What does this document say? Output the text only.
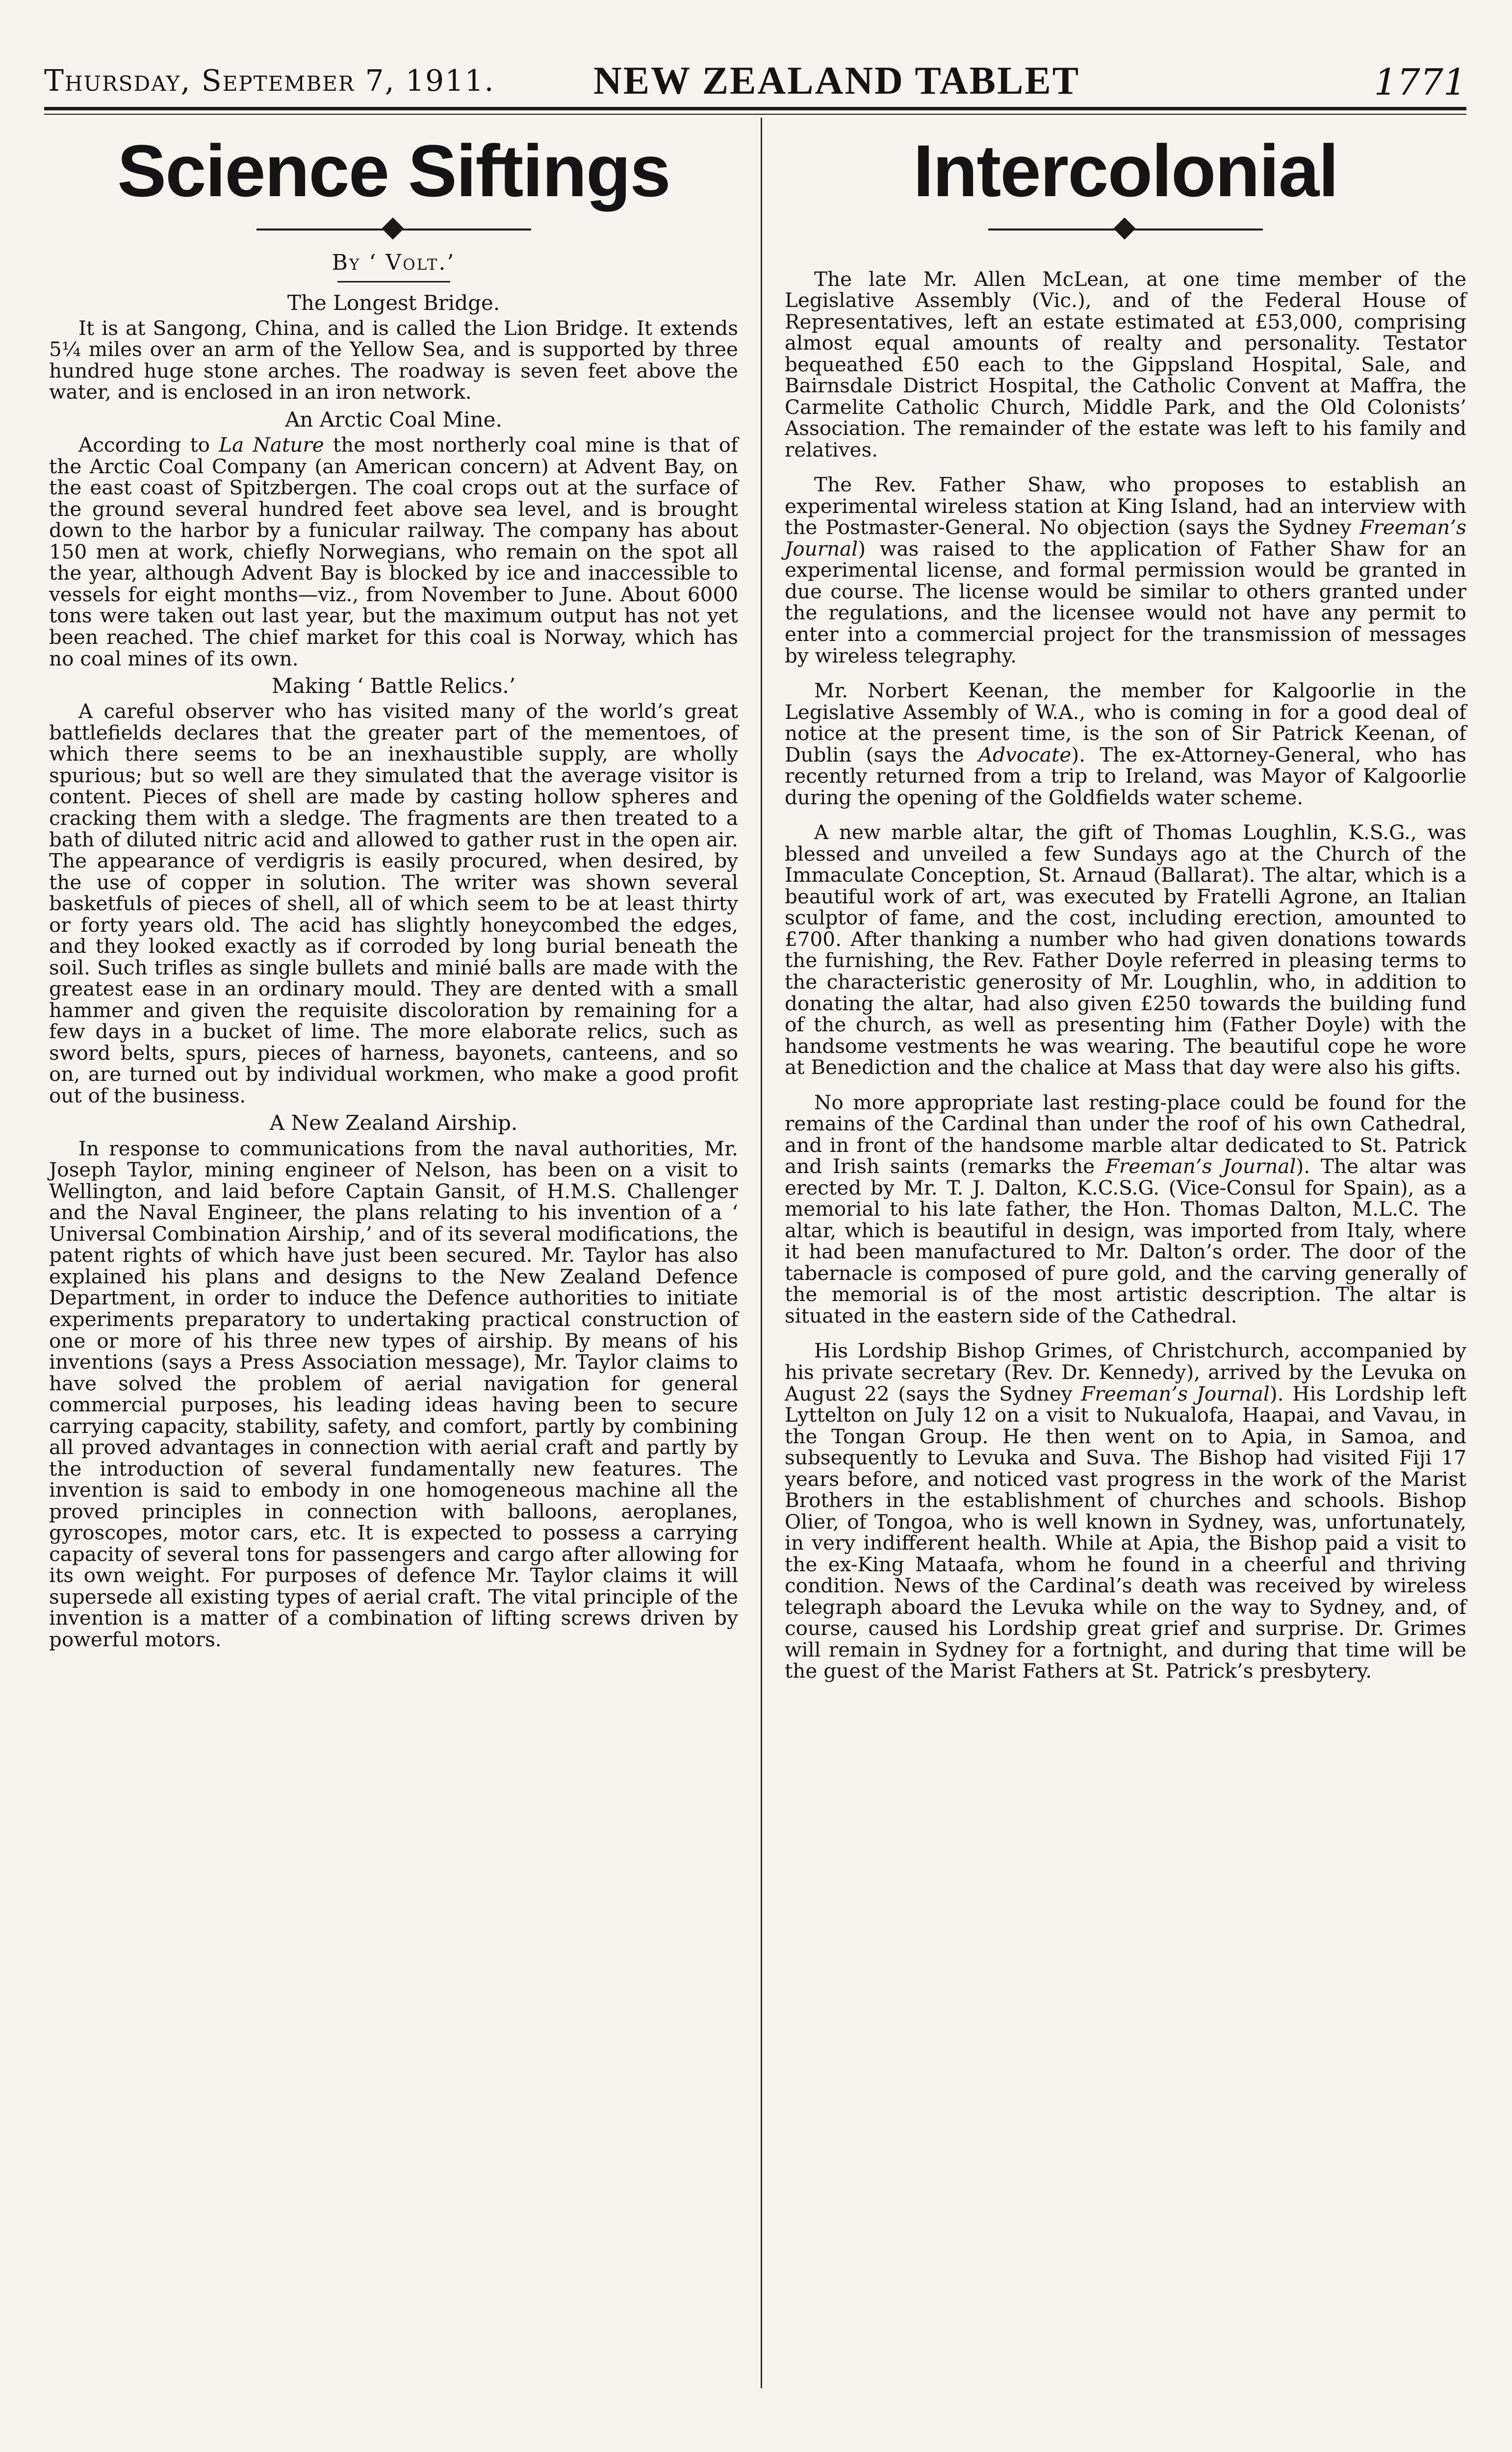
Thursday, September 7, 1911.	NEW ZEALAND TABLET	1771
Science Siftings
By ‘ Volt.’
The Longest Bridge.

It is at Sangong, China, and is called the Lion Bridge. It extends 5¼ miles over an arm of the Yellow Sea, and is supported by three hundred huge stone arches. The roadway is seven feet above the water, and is enclosed in an iron network.

An Arctic Coal Mine.

According to La Nature the most northerly coal mine is that of the Arctic Coal Company (an American concern) at Advent Bay, on the east coast of Spitzbergen. The coal crops out at the surface of the ground several hundred feet above sea level, and is brought down to the harbor by a funicular railway. The company has about 150 men at work, chiefly Norwegians, who remain on the spot all the year, although Advent Bay is blocked by ice and inaccessible to vessels for eight months—viz., from November to June. About 6000 tons were taken out last year, but the maximum output has not yet been reached. The chief market for this coal is Norway, which has no coal mines of its own.

Making ‘ Battle Relics.’

A careful observer who has visited many of the world’s great battlefields declares that the greater part of the mementoes, of which there seems to be an inexhaustible supply, are wholly spurious; but so well are they simulated that the average visitor is content. Pieces of shell are made by casting hollow spheres and cracking them with a sledge. The fragments are then treated to a bath of diluted nitric acid and allowed to gather rust in the open air. The appearance of verdigris is easily procured, when desired, by the use of copper in solution. The writer was shown several basketfuls of pieces of shell, all of which seem to be at least thirty or forty years old. The acid has slightly honeycombed the edges, and they looked exactly as if corroded by long burial beneath the soil. Such trifles as single bullets and minié balls are made with the greatest ease in an ordinary mould. They are dented with a small hammer and given the requisite discoloration by remaining for a few days in a bucket of lime. The more elaborate relics, such as sword belts, spurs, pieces of harness, bayonets, canteens, and so on, are turned out by individual workmen, who make a good profit out of the business.

A New Zealand Airship.

In response to communications from the naval authorities, Mr. Joseph Taylor, mining engineer of Nelson, has been on a visit to Wellington, and laid before Captain Gansit, of H.M.S. Challenger and the Naval Engineer, the plans relating to his invention of a ‘ Universal Combination Airship,’ and of its several modifications, the patent rights of which have just been secured. Mr. Taylor has also explained his plans and designs to the New Zealand Defence Department, in order to induce the Defence authorities to initiate experiments preparatory to undertaking practical construction of one or more of his three new types of airship. By means of his inventions (says a Press Association message), Mr. Taylor claims to have solved the problem of aerial navigation for general commercial purposes, his leading ideas having been to secure carrying capacity, stability, safety, and comfort, partly by combining all proved advantages in connection with aerial craft and partly by the introduction of several fundamentally new features. The invention is said to embody in one homogeneous machine all the proved principles in connection with balloons, aeroplanes, gyroscopes, motor cars, etc. It is expected to possess a carrying capacity of several tons for passengers and cargo after allowing for its own weight. For purposes of defence Mr. Taylor claims it will supersede all existing types of aerial craft. The vital principle of the invention is a matter of a combination of lifting screws driven by powerful motors.

Intercolonial

The late Mr. Allen McLean, at one time member of the Legislative Assembly (Vic.), and of the Federal House of Representatives, left an estate estimated at £53,000, comprising almost equal amounts of realty and personality. Testator bequeathed £50 each to the Gippsland Hospital, Sale, and Bairnsdale District Hospital, the Catholic Convent at Maffra, the Carmelite Catholic Church, Middle Park, and the Old Colonists’ Association. The remainder of the estate was left to his family and relatives.

The Rev. Father Shaw, who proposes to establish an experimental wireless station at King Island, had an interview with the Postmaster-General. No objection (says the Sydney Freeman’s Journal) was raised to the application of Father Shaw for an experimental license, and formal permission would be granted in due course. The license would be similar to others granted under the regulations, and the licensee would not have any permit to enter into a commercial project for the transmission of messages by wireless telegraphy.

Mr. Norbert Keenan, the member for Kalgoorlie in the Legislative Assembly of W.A., who is coming in for a good deal of notice at the present time, is the son of Sir Patrick Keenan, of Dublin (says the Advocate). The ex-Attorney-General, who has recently returned from a trip to Ireland, was Mayor of Kalgoorlie during the opening of the Goldfields water scheme.

A new marble altar, the gift of Thomas Loughlin, K.S.G., was blessed and unveiled a few Sundays ago at the Church of the Immaculate Conception, St. Arnaud (Ballarat). The altar, which is a beautiful work of art, was executed by Fratelli Agrone, an Italian sculptor of fame, and the cost, including erection, amounted to £700. After thanking a number who had given donations towards the furnishing, the Rev. Father Doyle referred in pleasing terms to the characteristic generosity of Mr. Loughlin, who, in addition to donating the altar, had also given £250 towards the building fund of the church, as well as presenting him (Father Doyle) with the handsome vestments he was wearing. The beautiful cope he wore at Benediction and the chalice at Mass that day were also his gifts.

No more appropriate last resting-place could be found for the remains of the Cardinal than under the roof of his own Cathedral, and in front of the handsome marble altar dedicated to St. Patrick and Irish saints (remarks the Freeman’s Journal). The altar was erected by Mr. T. J. Dalton, K.C.S.G. (Vice-Consul for Spain), as a memorial to his late father, the Hon. Thomas Dalton, M.L.C. The altar, which is beautiful in design, was imported from Italy, where it had been manufactured to Mr. Dalton’s order. The door of the tabernacle is composed of pure gold, and the carving generally of the memorial is of the most artistic description. The altar is situated in the eastern side of the Cathedral.

His Lordship Bishop Grimes, of Christchurch, accompanied by his private secretary (Rev. Dr. Kennedy), arrived by the Levuka on August 22 (says the Sydney Freeman’s Journal). His Lordship left Lyttelton on July 12 on a visit to Nukualofa, Haapai, and Vavau, in the Tongan Group. He then went on to Apia, in Samoa, and subsequently to Levuka and Suva. The Bishop had visited Fiji 17 years before, and noticed vast progress in the work of the Marist Brothers in the establishment of churches and schools. Bishop Olier, of Tongoa, who is well known in Sydney, was, unfortunately, in very indifferent health. While at Apia, the Bishop paid a visit to the ex-King Mataafa, whom he found in a cheerful and thriving condition. News of the Cardinal’s death was received by wireless telegraph aboard the Levuka while on the way to Sydney, and, of course, caused his Lordship great grief and surprise. Dr. Grimes will remain in Sydney for a fortnight, and during that time will be the guest of the Marist Fathers at St. Patrick’s presbytery.
